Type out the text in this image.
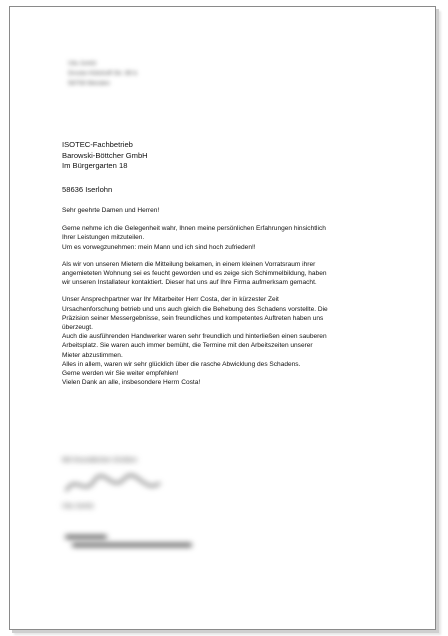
Uta Juretz
Droste-Hülshoff-Str. 89 b
58708 Menden
ISOTEC-Fachbetrieb
Barowski-Böttcher GmbH
Im Bürgergarten 18
58636 Iserlohn

Sehr geehrte Damen und Herren!

Gerne nehme ich die Gelegenheit wahr, Ihnen meine persönlichen Erfahrungen hinsichtlich
Ihrer Leistungen mitzuteilen.
Um es vorwegzunehmen: mein Mann und ich sind hoch zufrieden!!

Als wir von unseren Mietern die Mitteilung bekamen, in einem kleinen Vorratsraum ihrer
angemieteten Wohnung sei es feucht geworden und es zeige sich Schimmelbildung, haben
wir unseren Installateur kontaktiert. Dieser hat uns auf Ihre Firma aufmerksam gemacht.

Unser Ansprechpartner war Ihr Mitarbeiter Herr Costa, der in kürzester Zeit
Ursachenforschung betrieb und uns auch gleich die Behebung des Schadens vorstellte. Die
Präzision seiner Messergebnisse, sein freundliches und kompetentes Auftreten haben uns
überzeugt.
Auch die ausführenden Handwerker waren sehr freundlich und hinterließen einen sauberen
Arbeitsplatz. Sie waren auch immer bemüht, die Termine mit den Arbeitszeiten unserer
Mieter abzustimmen.
Alles in allem, waren wir sehr glücklich über die rasche Abwicklung des Schadens.
Gerne werden wir Sie weiter empfehlen!
Vielen Dank an alle, insbesondere Herrn Costa!

Mit freundlichen Grüßen
Uta Juretz
